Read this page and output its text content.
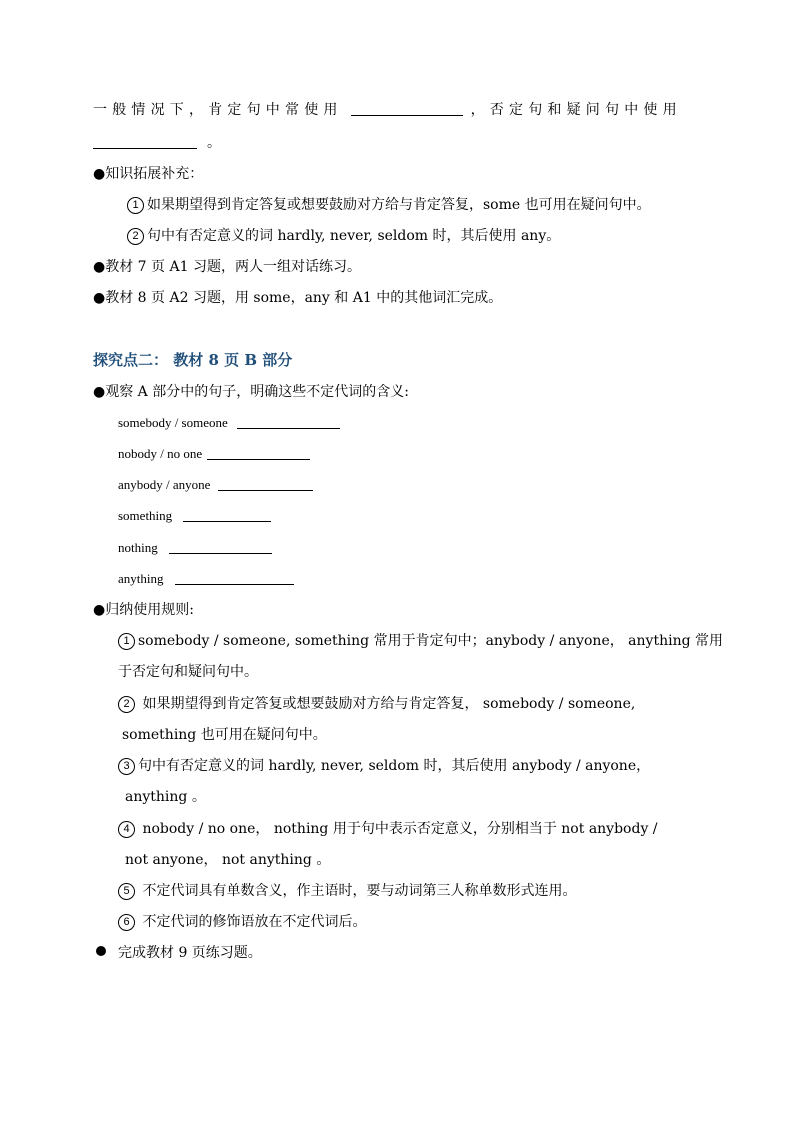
一般情况下，肯定句中常使用	，否定句和疑问句中使用
。
●知识拓展补充：
1 如果期望得到肯定答复或想要鼓励对方给与肯定答复，some 也可用在疑问句中。
2 句中有否定意义的词 hardly, never, seldom 时，其后使用 any。
●教材 7 页 A1 习题，两人一组对话练习。
●教材 8 页 A2 习题，用 some，any 和 A1 中的其他词汇完成。
探究点二： 教材 8 页 B 部分
●观察 A 部分中的句子，明确这些不定代词的含义:
somebody / someone
nobody / no one
anybody / anyone
something
nothing
anything
●归纳使用规则:
1 somebody / someone, something 常用于肯定句中；anybody / anyone， anything 常用
于否定句和疑问句中。
2 如果期望得到肯定答复或想要鼓励对方给与肯定答复， somebody / someone,
something 也可用在疑问句中。
3 句中有否定意义的词 hardly, never, seldom 时，其后使用 anybody / anyone，
anything 。
4 nobody / no one， nothing 用于句中表示否定意义，分别相当于 not anybody /
not anyone， not anything 。
5 不定代词具有单数含义，作主语时，要与动词第三人称单数形式连用。
6 不定代词的修饰语放在不定代词后。
完成教材 9 页练习题。
